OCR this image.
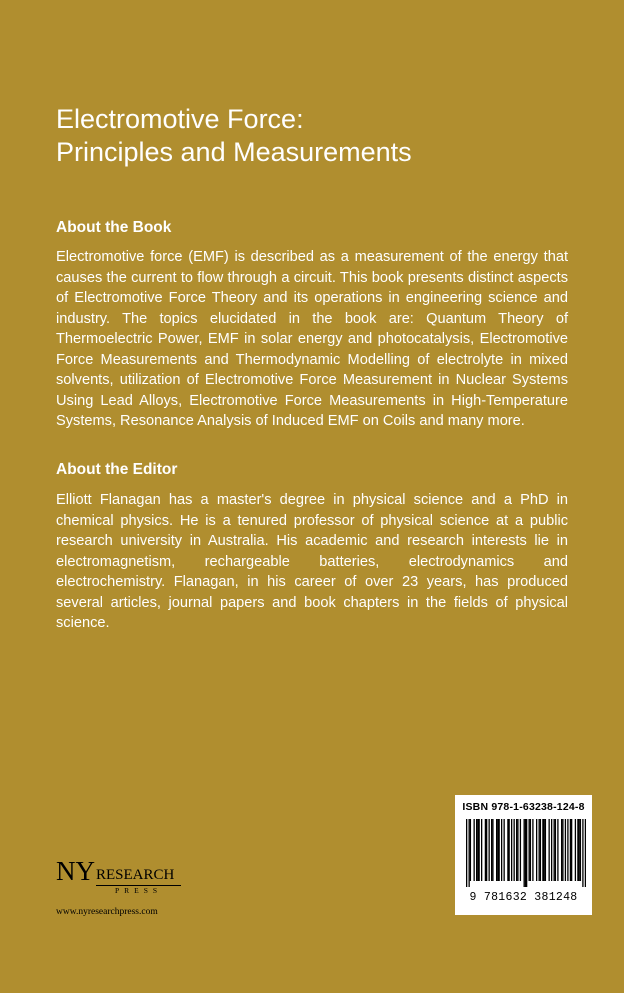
Electromotive Force:
Principles and Measurements
About the Book

Electromotive force (EMF) is described as a measurement of the energy that causes the current to flow through a circuit. This book presents distinct aspects of Electromotive Force Theory and its operations in engineering science and industry. The topics elucidated in the book are: Quantum Theory of Thermoelectric Power, EMF in solar energy and photocatalysis, Electromotive Force Measurements and Thermodynamic Modelling of electrolyte in mixed solvents, utilization of Electromotive Force Measurement in Nuclear Systems Using Lead Alloys, Electromotive Force Measurements in High-Temperature Systems, Resonance Analysis of Induced EMF on Coils and many more.

About the Editor

Elliott Flanagan has a master's degree in physical science and a PhD in chemical physics. He is a tenured professor of physical science at a public research university in Australia. His academic and research interests lie in electromagnetism, rechargeable batteries, electrodynamics and electrochemistry. Flanagan, in his career of over 23 years, has produced several articles, journal papers and book chapters in the fields of physical science.

NY RESEARCH
PRESS
www.nyresearchpress.com
ISBN 978-1-63238-124-8
9 781632 381248
